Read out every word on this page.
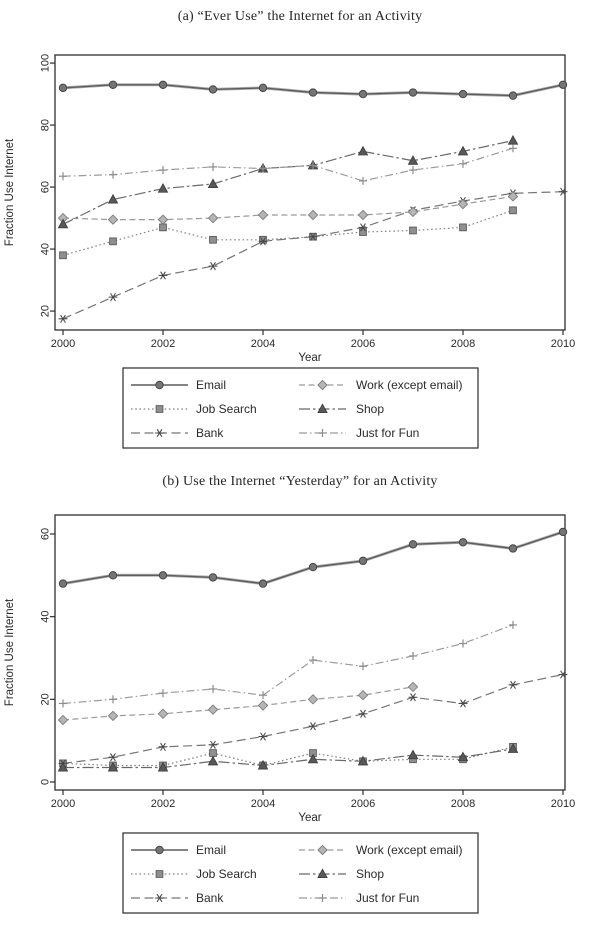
(a) “Ever Use” the Internet for an Activity
2000	2002	2004	2006	2008	2010
20
40
60
80
100
Year
Fraction Use Internet
Email
Job Search
Bank
Work (except email)
Shop
Just for Fun
(b) Use the Internet “Yesterday” for an Activity
2000	2002	2004	2006	2008	2010
0
20
40
60
Year
Fraction Use Internet
Email
Job Search
Bank
Work (except email)
Shop
Just for Fun
